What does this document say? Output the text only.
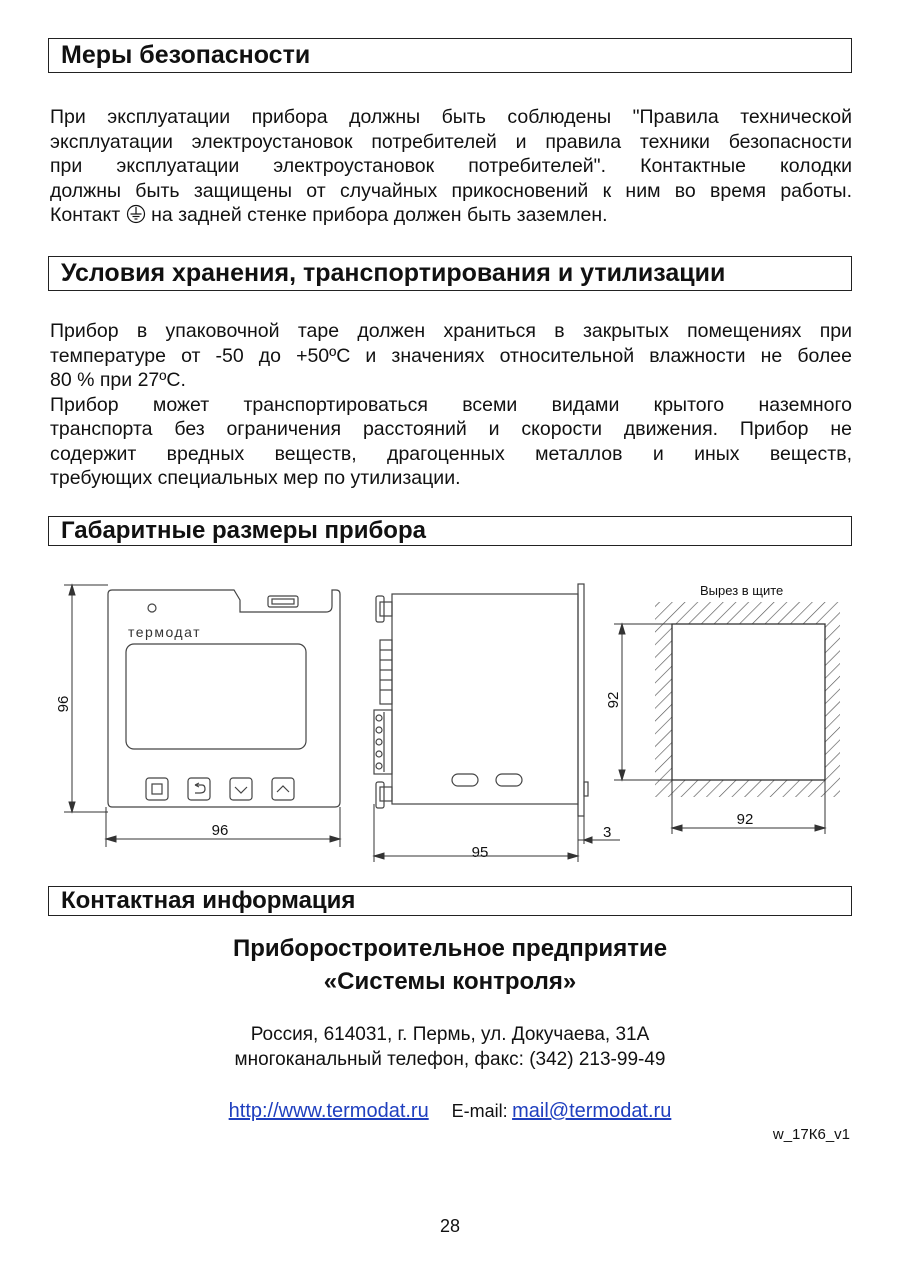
Меры безопасности
При эксплуатации прибора должны быть соблюдены "Правила технической
эксплуатации электроустановок потребителей и правила техники безопасности
при эксплуатации электроустановок потребителей". Контактные колодки
должны быть защищены от случайных прикосновений к ним во время работы.
Контакт на задней стенке прибора должен быть заземлен.
Условия хранения, транспортирования и утилизации
Прибор в упаковочной таре должен храниться в закрытых помещениях при
температуре от -50 до +50ºС и значениях относительной влажности не более
80 % при 27ºС.
Прибор может транспортироваться всеми видами крытого наземного
транспорта без ограничения расстояний и скорости движения. Прибор не
содержит вредных веществ, драгоценных металлов и иных веществ,
требующих специальных мер по утилизации.
Габаритные размеры прибора
термодат
96
96
95
3
Вырез в щите
92
92
Контактная информация
Приборостроительное предприятие
«Системы контроля»
Россия, 614031, г. Пермь, ул. Докучаева, 31А
многоканальный телефон, факс: (342) 213-99-49
http://www.termodat.ru E-mail: mail@termodat.ru
w_17К6_v1
28
